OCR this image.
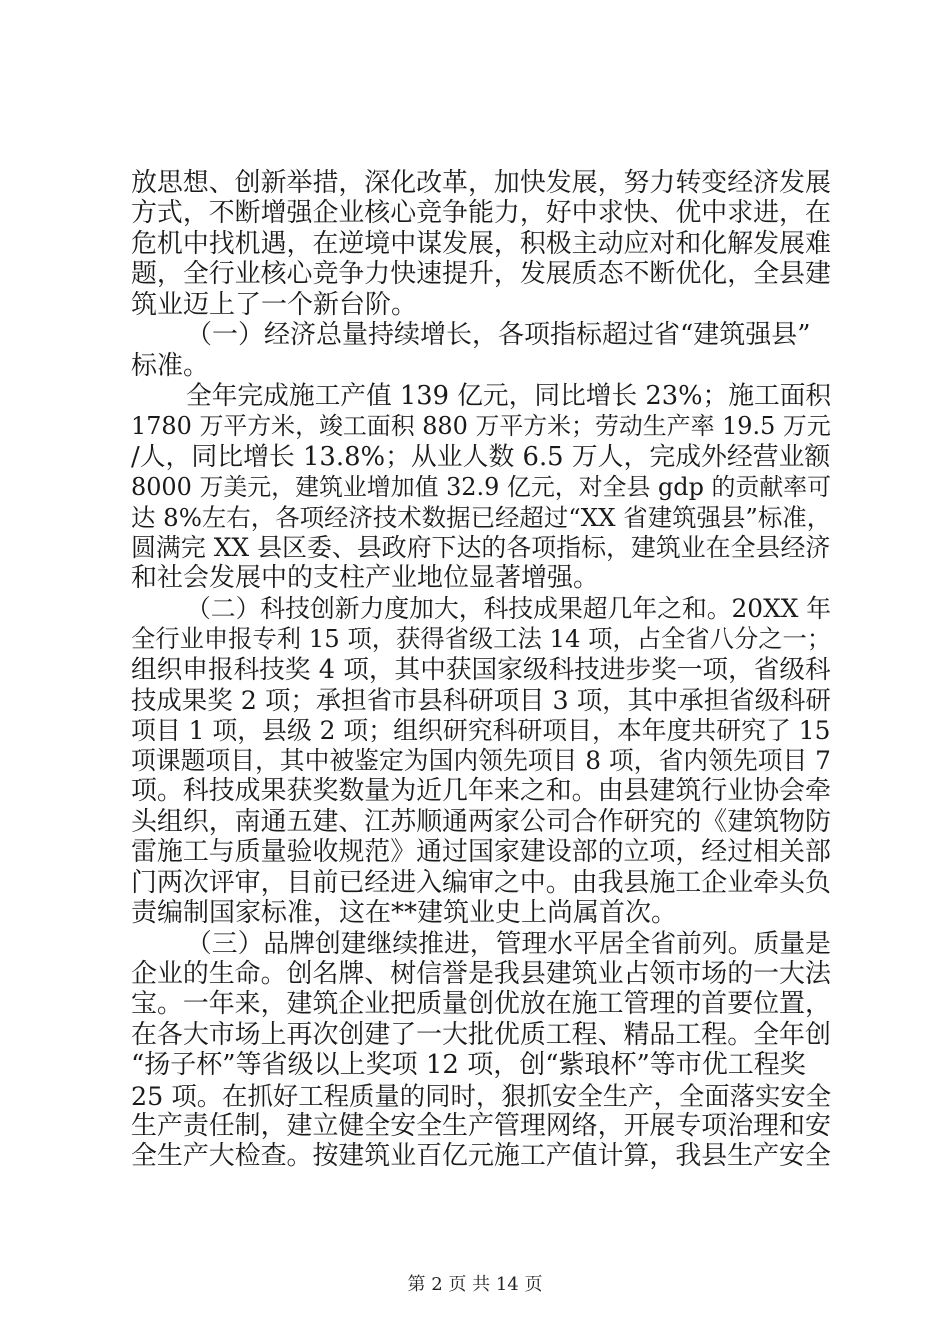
放思想、创新举措，深化改革，加快发展，努力转变经济发展
方式，不断增强企业核心竞争能力，好中求快、优中求进，在
危机中找机遇，在逆境中谋发展，积极主动应对和化解发展难
题，全行业核心竞争力快速提升，发展质态不断优化，全县建
筑业迈上了一个新台阶。
（一）经济总量持续增长，各项指标超过省“建筑强县”
标准。
全年完成施工产值 139 亿元，同比增长 23%；施工面积
1780 万平方米，竣工面积 880 万平方米；劳动生产率 19.5 万元
/人，同比增长 13.8%；从业人数 6.5 万人，完成外经营业额
8000 万美元，建筑业增加值 32.9 亿元，对全县 gdp 的贡献率可
达 8%左右，各项经济技术数据已经超过“XX 省建筑强县”标准，
圆满完 XX 县区委、县政府下达的各项指标，建筑业在全县经济
和社会发展中的支柱产业地位显著增强。
（二）科技创新力度加大，科技成果超几年之和。20XX 年
全行业申报专利 15 项，获得省级工法 14 项，占全省八分之一；
组织申报科技奖 4 项，其中获国家级科技进步奖一项，省级科
技成果奖 2 项；承担省市县科研项目 3 项，其中承担省级科研
项目 1 项，县级 2 项；组织研究科研项目，本年度共研究了 15
项课题项目，其中被鉴定为国内领先项目 8 项，省内领先项目 7
项。科技成果获奖数量为近几年来之和。由县建筑行业协会牵
头组织，南通五建、江苏顺通两家公司合作研究的《建筑物防
雷施工与质量验收规范》通过国家建设部的立项，经过相关部
门两次评审，目前已经进入编审之中。由我县施工企业牵头负
责编制国家标准，这在**建筑业史上尚属首次。
（三）品牌创建继续推进，管理水平居全省前列。质量是
企业的生命。创名牌、树信誉是我县建筑业占领市场的一大法
宝。一年来，建筑企业把质量创优放在施工管理的首要位置，
在各大市场上再次创建了一大批优质工程、精品工程。全年创
“扬子杯”等省级以上奖项 12 项，创“紫琅杯”等市优工程奖
25 项。在抓好工程质量的同时，狠抓安全生产，全面落实安全
生产责任制，建立健全安全生产管理网络，开展专项治理和安
全生产大检查。按建筑业百亿元施工产值计算，我县生产安全
第 2 页 共 14 页
